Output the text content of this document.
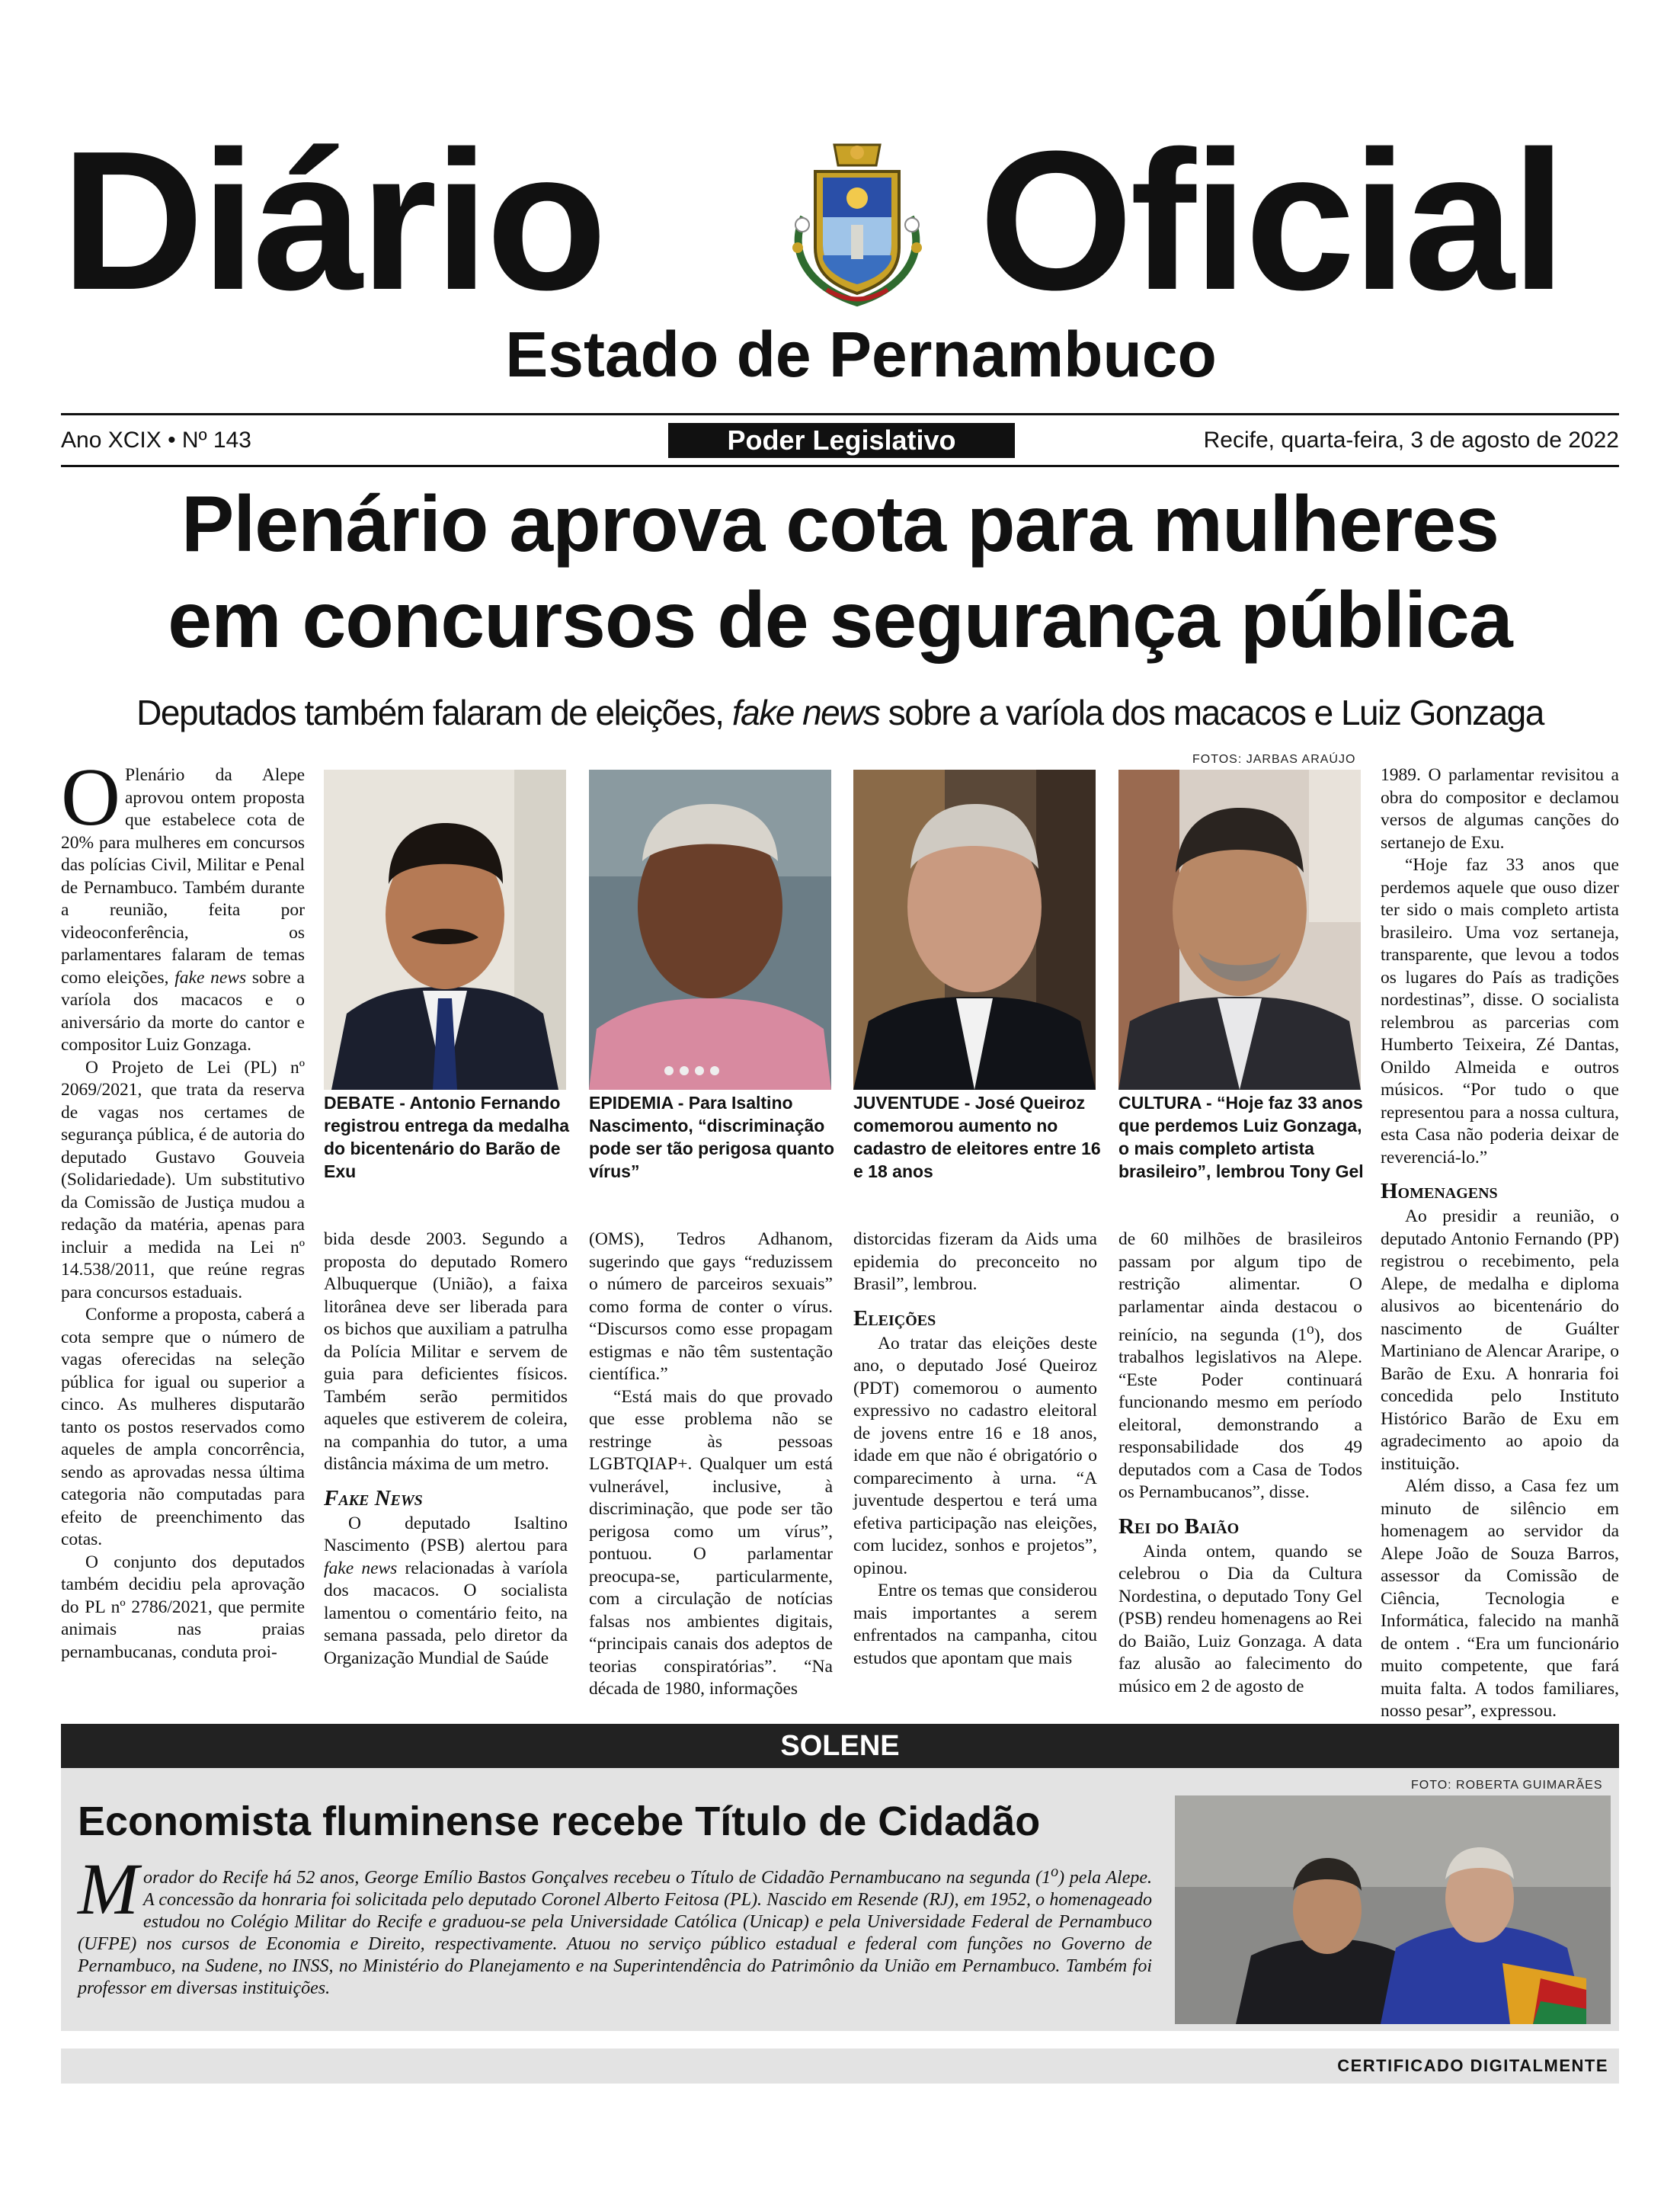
Diário Oficial
Estado de Pernambuco
Ano XCIX • Nº 143	Poder Legislativo	Recife, quarta-feira, 3 de agosto de 2022
Plenário aprova cota para mulheres
em concursos de segurança pública
Deputados também falaram de eleições, fake news sobre a varíola dos macacos e Luiz Gonzaga
FOTOS: JARBAS ARAÚJO

O Plenário da Alepe aprovou ontem proposta que estabelece cota de 20% para mulheres em concursos das polícias Civil, Militar e Penal de Pernambuco. Também durante a reunião, feita por videoconferência, os parlamentares falaram de temas como eleições, fake news sobre a varíola dos macacos e o aniversário da morte do cantor e compositor Luiz Gonzaga.

O Projeto de Lei (PL) nº 2069/2021, que trata da reserva de vagas nos certames de segurança pública, é de autoria do deputado Gustavo Gouveia (Solidariedade). Um substitutivo da Comissão de Justiça mudou a redação da matéria, apenas para incluir a medida na Lei nº 14.538/2011, que reúne regras para concursos estaduais.

Conforme a proposta, caberá a cota sempre que o número de vagas oferecidas na seleção pública for igual ou superior a cinco. As mulheres disputarão tanto os postos reservados como aqueles de ampla concorrência, sendo as aprovadas nessa última categoria não computadas para efeito de preenchimento das cotas.

O conjunto dos deputados também decidiu pela aprovação do PL nº 2786/2021, que permite animais nas praias pernambucanas, conduta proi-

DEBATE - Antonio Fernando registrou entrega da medalha do bicentenário do Barão de Exu
EPIDEMIA - Para Isaltino Nascimento, “discriminação pode ser tão perigosa quanto vírus”
JUVENTUDE - José Queiroz comemorou aumento no cadastro de eleitores entre 16 e 18 anos
CULTURA - “Hoje faz 33 anos que perdemos Luiz Gonzaga, o mais completo artista brasileiro”, lembrou Tony Gel

bida desde 2003. Segundo a proposta do deputado Romero Albuquerque (União), a faixa litorânea deve ser liberada para os bichos que auxiliam a patrulha da Polícia Militar e servem de guia para deficientes físicos. Também serão permitidos aqueles que estiverem de coleira, na companhia do tutor, a uma distância máxima de um metro.

Fake News

O deputado Isaltino Nascimento (PSB) alertou para fake news relacionadas à varíola dos macacos. O socialista lamentou o comentário feito, na semana passada, pelo diretor da Organização Mundial de Saúde

(OMS), Tedros Adhanom, sugerindo que gays “reduzissem o número de parceiros sexuais” como forma de conter o vírus. “Discursos como esse propagam estigmas e não têm sustentação científica.”

“Está mais do que provado que esse problema não se restringe às pessoas LGBTQIAP+. Qualquer um está vulnerável, inclusive, à discriminação, que pode ser tão perigosa como um vírus”, pontuou. O parlamentar preocupa-se, particularmente, com a circulação de notícias falsas nos ambientes digitais, “principais canais dos adeptos de teorias conspiratórias”. “Na década de 1980, informações

distorcidas fizeram da Aids uma epidemia do preconceito no Brasil”, lembrou.

Eleições

Ao tratar das eleições deste ano, o deputado José Queiroz (PDT) comemorou o aumento expressivo no cadastro eleitoral de jovens entre 16 e 18 anos, idade em que não é obrigatório o comparecimento à urna. “A juventude despertou e terá uma efetiva participação nas eleições, com lucidez, sonhos e projetos”, opinou.

Entre os temas que considerou mais importantes a serem enfrentados na campanha, citou estudos que apontam que mais

de 60 milhões de brasileiros passam por algum tipo de restrição alimentar. O parlamentar ainda destacou o reinício, na segunda (1$^o$), dos trabalhos legislativos na Alepe. “Este Poder continuará funcionando mesmo em período eleitoral, demonstrando a responsabilidade dos 49 deputados com a Casa de Todos os Pernambucanos”, disse.

Rei do Baião

Ainda ontem, quando se celebrou o Dia da Cultura Nordestina, o deputado Tony Gel (PSB) rendeu homenagens ao Rei do Baião, Luiz Gonzaga. A data faz alusão ao falecimento do músico em 2 de agosto de

1989. O parlamentar revisitou a obra do compositor e declamou versos de algumas canções do sertanejo de Exu.

“Hoje faz 33 anos que perdemos aquele que ouso dizer ter sido o mais completo artista brasileiro. Uma voz sertaneja, transparente, que levou a todos os lugares do País as tradições nordestinas”, disse. O socialista relembrou as parcerias com Humberto Teixeira, Zé Dantas, Onildo Almeida e outros músicos. “Por tudo o que representou para a nossa cultura, esta Casa não poderia deixar de reverenciá-lo.”

Homenagens

Ao presidir a reunião, o deputado Antonio Fernando (PP) registrou o recebimento, pela Alepe, de medalha e diploma alusivos ao bicentenário do nascimento de Guálter Martiniano de Alencar Araripe, o Barão de Exu. A honraria foi concedida pelo Instituto Histórico Barão de Exu em agradecimento ao apoio da instituição.

Além disso, a Casa fez um minuto de silêncio em homenagem ao servidor da Alepe João de Souza Barros, assessor da Comissão de Ciência, Tecnologia e Informática, falecido na manhã de ontem . “Era um funcionário muito competente, que fará muita falta. A todos familiares, nosso pesar”, expressou.

SOLENE
Economista fluminense recebe Título de Cidadão
FOTO: ROBERTA GUIMARÃES
Morador do Recife há 52 anos, George Emílio Bastos Gonçalves recebeu o Título de Cidadão Pernambucano na segunda (1$^o$) pela Alepe. A concessão da honraria foi solicitada pelo deputado Coronel Alberto Feitosa (PL). Nascido em Resende (RJ), em 1952, o homenageado estudou no Colégio Militar do Recife e graduou-se pela Universidade Católica (Unicap) e pela Universidade Federal de Pernambuco (UFPE) nos cursos de Economia e Direito, respectivamente. Atuou no serviço público estadual e federal com funções no Governo de Pernambuco, na Sudene, no INSS, no Ministério do Planejamento e na Superintendência do Patrimônio da União em Pernambuco. Também foi professor em diversas instituições.
CERTIFICADO DIGITALMENTE
